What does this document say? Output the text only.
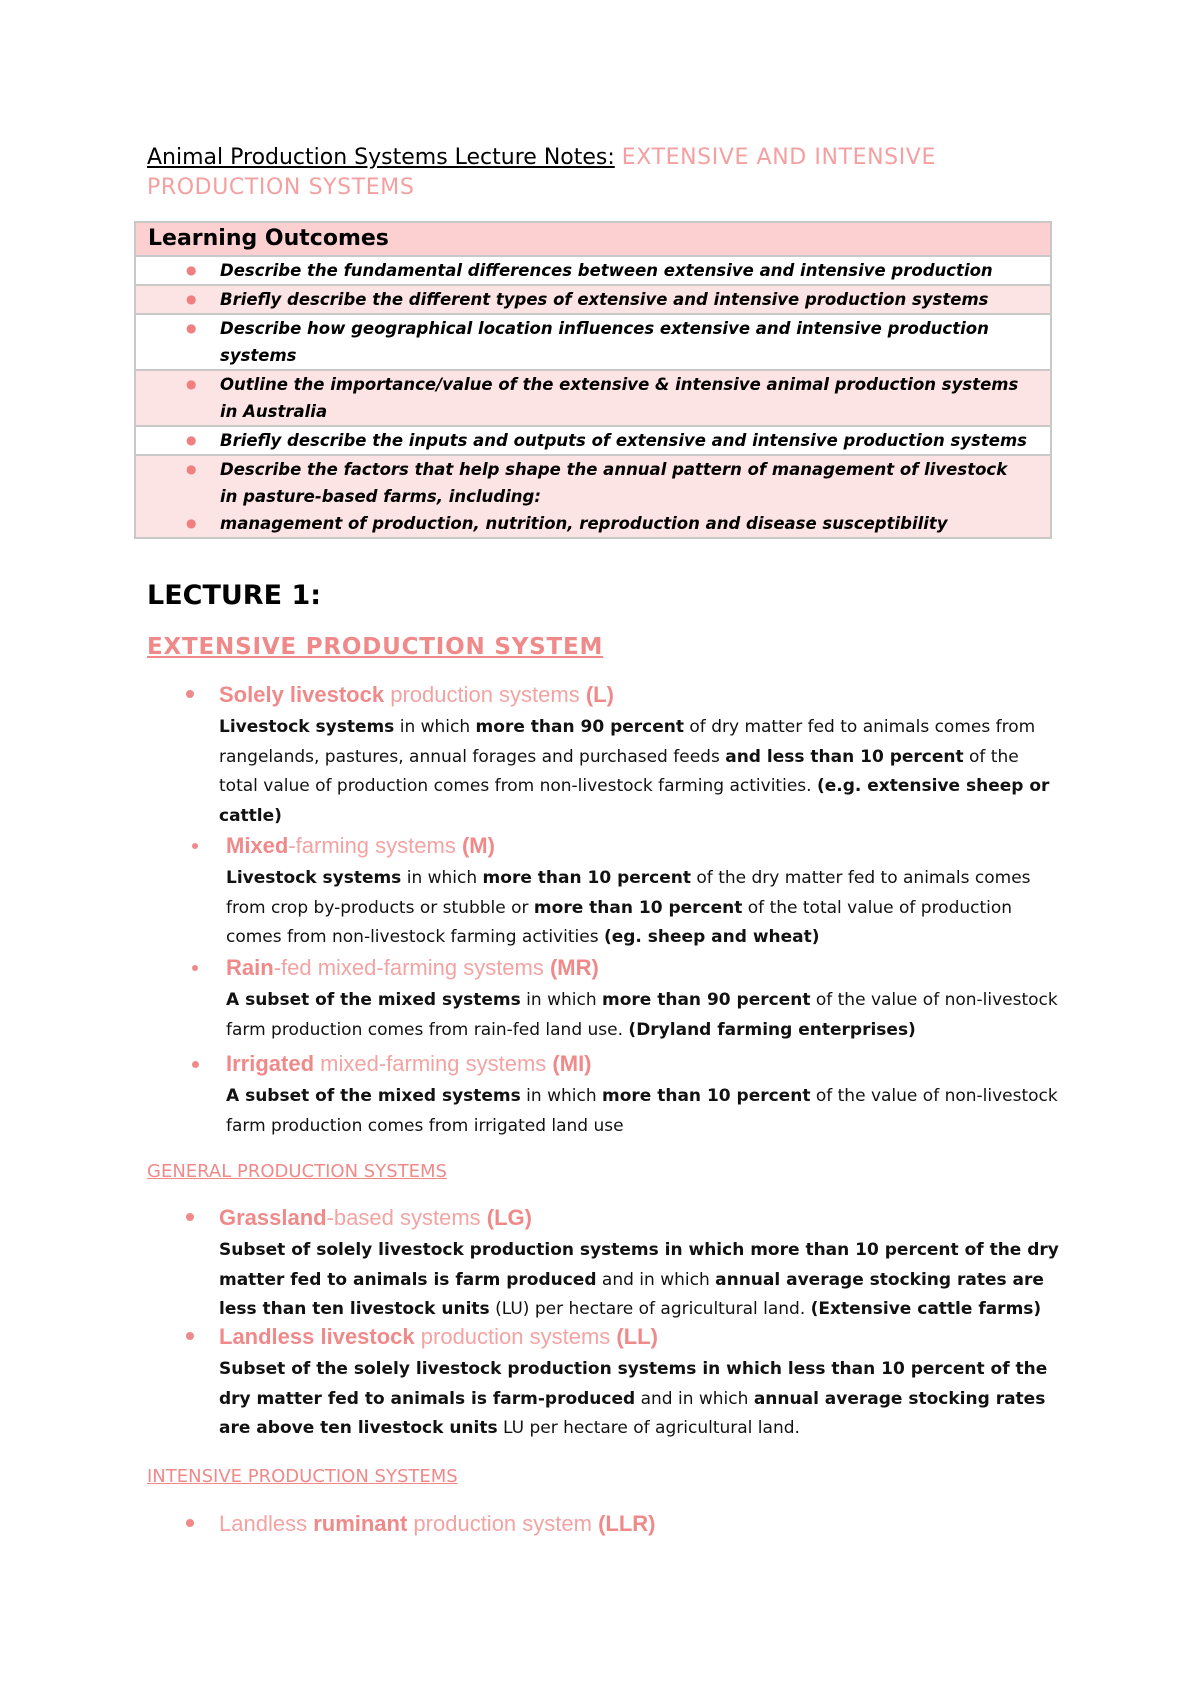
Animal Production Systems Lecture Notes: EXTENSIVE AND INTENSIVE PRODUCTION SYSTEMS
Learning Outcomes
●	Describe the fundamental differences between extensive and intensive production
●	Briefly describe the different types of extensive and intensive production systems
●	Describe how geographical location influences extensive and intensive production systems
●	Outline the importance/value of the extensive & intensive animal production systems in Australia
●	Briefly describe the inputs and outputs of extensive and intensive production systems
●
●
Describe the factors that help shape the annual pattern of management of livestock in pasture-based farms, including:
management of production, nutrition, reproduction and disease susceptibility
LECTURE 1:
EXTENSIVE PRODUCTION SYSTEM
Solely livestock production systems (L)
Livestock systems in which more than 90 percent of dry matter fed to animals comes from rangelands, pastures, annual forages and purchased feeds and less than 10 percent of the total value of production comes from non-livestock farming activities. (e.g. extensive sheep or cattle)
Mixed-farming systems (M)
Livestock systems in which more than 10 percent of the dry matter fed to animals comes from crop by-products or stubble or more than 10 percent of the total value of production comes from non-livestock farming activities (eg. sheep and wheat)
Rain-fed mixed-farming systems (MR)
A subset of the mixed systems in which more than 90 percent of the value of non-livestock farm production comes from rain-fed land use. (Dryland farming enterprises)
Irrigated mixed-farming systems (MI)
A subset of the mixed systems in which more than 10 percent of the value of non-livestock farm production comes from irrigated land use
GENERAL PRODUCTION SYSTEMS
Grassland-based systems (LG)
Subset of solely livestock production systems in which more than 10 percent of the dry matter fed to animals is farm produced and in which annual average stocking rates are less than ten livestock units (LU) per hectare of agricultural land. (Extensive cattle farms)
Landless livestock production systems (LL)
Subset of the solely livestock production systems in which less than 10 percent of the dry matter fed to animals is farm-produced and in which annual average stocking rates are above ten livestock units LU per hectare of agricultural land.
INTENSIVE PRODUCTION SYSTEMS
Landless ruminant production system (LLR)
